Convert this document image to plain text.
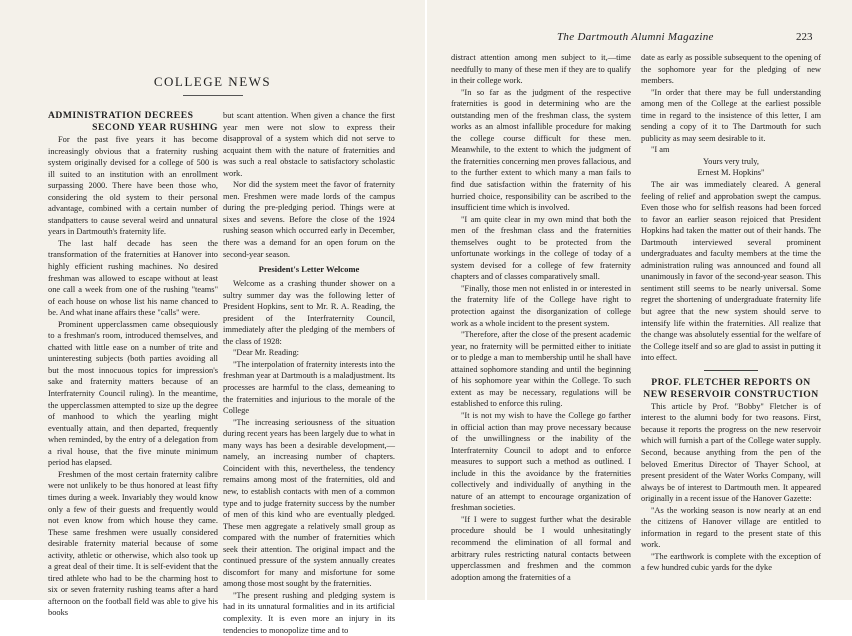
COLLEGE NEWS
ADMINISTRATION DECREES
SECOND YEAR RUSHING

For the past five years it has become increasingly obvious that a fraternity rushing system originally devised for a college of 500 is ill suited to an institution with an enrollment surpassing 2000. There have been those who, considering the old system to their personal advantage, combined with a certain number of standpatters to cause several weird and unnatural years in Dartmouth's fraternity life.

The last half decade has seen the transformation of the fraternities at Hanover into highly efficient rushing machines. No desired freshman was allowed to escape without at least one call a week from one of the rushing "teams" of each house on whose list his name chanced to be. And what inane affairs these "calls" were.

Prominent upperclassmen came obsequiously to a freshman's room, introduced themselves, and chatted with little ease on a number of trite and uninteresting subjects (both parties avoiding all but the most innocuous topics for impression's sake and fraternity matters because of an Interfraternity Council ruling). In the meantime, the upperclassmen attempted to size up the degree of manhood to which the yearling might eventually attain, and then departed, frequently when reminded, by the entry of a delegation from a rival house, that the five minute minimum period has elapsed.

Freshmen of the most certain fraternity calibre were not unlikely to be thus honored at least fifty times during a week. Invariably they would know only a few of their guests and frequently would not even know from which house they came. These same freshmen were usually considered desirable fraternity material because of some activity, athletic or otherwise, which also took up a great deal of their time. It is self-evident that the tired athlete who had to be the charming host to six or seven fraternity rushing teams after a hard afternoon on the football field was able to give his books

but scant attention. When given a chance the first year men were not slow to express their disapproval of a system which did not serve to acquaint them with the nature of fraternities and was such a real obstacle to satisfactory scholastic work.

Nor did the system meet the favor of fraternity men. Freshmen were made lords of the campus during the pre-pledging period. Things were at sixes and sevens. Before the close of the 1924 rushing season which occurred early in December, there was a demand for an open forum on the second-year season.

President's Letter Welcome

Welcome as a crashing thunder shower on a sultry summer day was the following letter of President Hopkins, sent to Mr. R. A. Reading, the president of the Interfraternity Council, immediately after the pledging of the members of the class of 1928:

"Dear Mr. Reading:

"The interpolation of fraternity interests into the freshman year at Dartmouth is a maladjustment. Its processes are harmful to the class, demeaning to the fraternities and injurious to the morale of the College

"The increasing seriousness of the situation during recent years has been largely due to what in many ways has been a desirable development,—namely, an increasing number of chapters. Coincident with this, nevertheless, the tendency remains among most of the fraternities, old and new, to establish contacts with men of a common type and to judge fraternity success by the number of men of this kind who are eventually pledged. These men aggregate a relatively small group as compared with the number of fraternities which seek their attention. The original impact and the continued pressure of the system annually creates discomfort for many and misfortune for some among those most sought by the fraternities.

"The present rushing and pledging system is had in its unnatural formalities and in its artificial complexity. It is even more an injury in its tendencies to monopolize time and to

distract attention among men subject to it,—time needfully to many of these men if they are to qualify in their college work.

"In so far as the judgment of the respective fraternities is good in determining who are the outstanding men of the freshman class, the system works as an almost infallible procedure for making the college course difficult for these men. Meanwhile, to the extent to which the judgment of the fraternities concerning men proves fallacious, and to the further extent to which many a man fails to find due satisfaction within the fraternity of his hurried choice, responsibility can be ascribed to the insufficient time which is involved.

"I am quite clear in my own mind that both the men of the freshman class and the fraternities themselves ought to be protected from the unfortunate workings in the college of today of a system devised for a college of few fraternity chapters and of classes comparatively small.

"Finally, those men not enlisted in or interested in the fraternity life of the College have right to protection against the disorganization of college work as a whole incident to the present system.

"Therefore, after the close of the present academic year, no fraternity will be permitted either to initiate or to pledge a man to membership until he shall have attained sophomore standing and until the beginning of his sophomore year within the College. To such extent as may be necessary, regulations will be established to enforce this ruling.

"It is not my wish to have the College go farther in official action than may prove necessary because of the unwillingness or the inability of the Interfraternity Council to adopt and to enforce measures to support such a method as outlined. I include in this the avoidance by the fraternities collectively and individually of anything in the nature of an attempt to encourage organization of freshman societies.

"If I were to suggest further what the desirable procedure should be I would unhesitatingly recommend the elimination of all formal and arbitrary rules restricting natural contacts between upperclassmen and freshmen and the common adoption among the fraternities of a

date as early as possible subsequent to the opening of the sophomore year for the pledging of new members.

"In order that there may be full understanding among men of the College at the earliest possible time in regard to the insistence of this letter, I am sending a copy of it to The Dartmouth for such publicity as may seem desirable to it.

"I am

Yours very truly,

Ernest M. Hopkins"

The air was immediately cleared. A general feeling of relief and approbation swept the campus. Even those who for selfish reasons had been forced to favor an earlier season rejoiced that President Hopkins had taken the matter out of their hands. The Dartmouth interviewed several prominent undergraduates and faculty members at the time the administration ruling was announced and found all unanimously in favor of the second-year season. This sentiment still seems to be nearly universal. Some regret the shortening of undergraduate fraternity life but agree that the new system should serve to intensify life within the fraternities. All realize that the change was absolutely essential for the welfare of the College itself and so are glad to assist in putting it into effect.

PROF. FLETCHER REPORTS ON
NEW RESERVOIR CONSTRUCTION

This article by Prof. "Bobby" Fletcher is of interest to the alumni body for two reasons. First, because it reports the progress on the new reservoir which will furnish a part of the College water supply. Second, because anything from the pen of the beloved Emeritus Director of Thayer School, at present president of the Water Works Company, will always be of interest to Dartmouth men. It appeared originally in a recent issue of the Hanover Gazette:

"As the working season is now nearly at an end the citizens of Hanover village are entitled to information in regard to the present state of this work.

"The earthwork is complete with the exception of a few hundred cubic yards for the dyke

The Dartmouth Alumni Magazine	223
